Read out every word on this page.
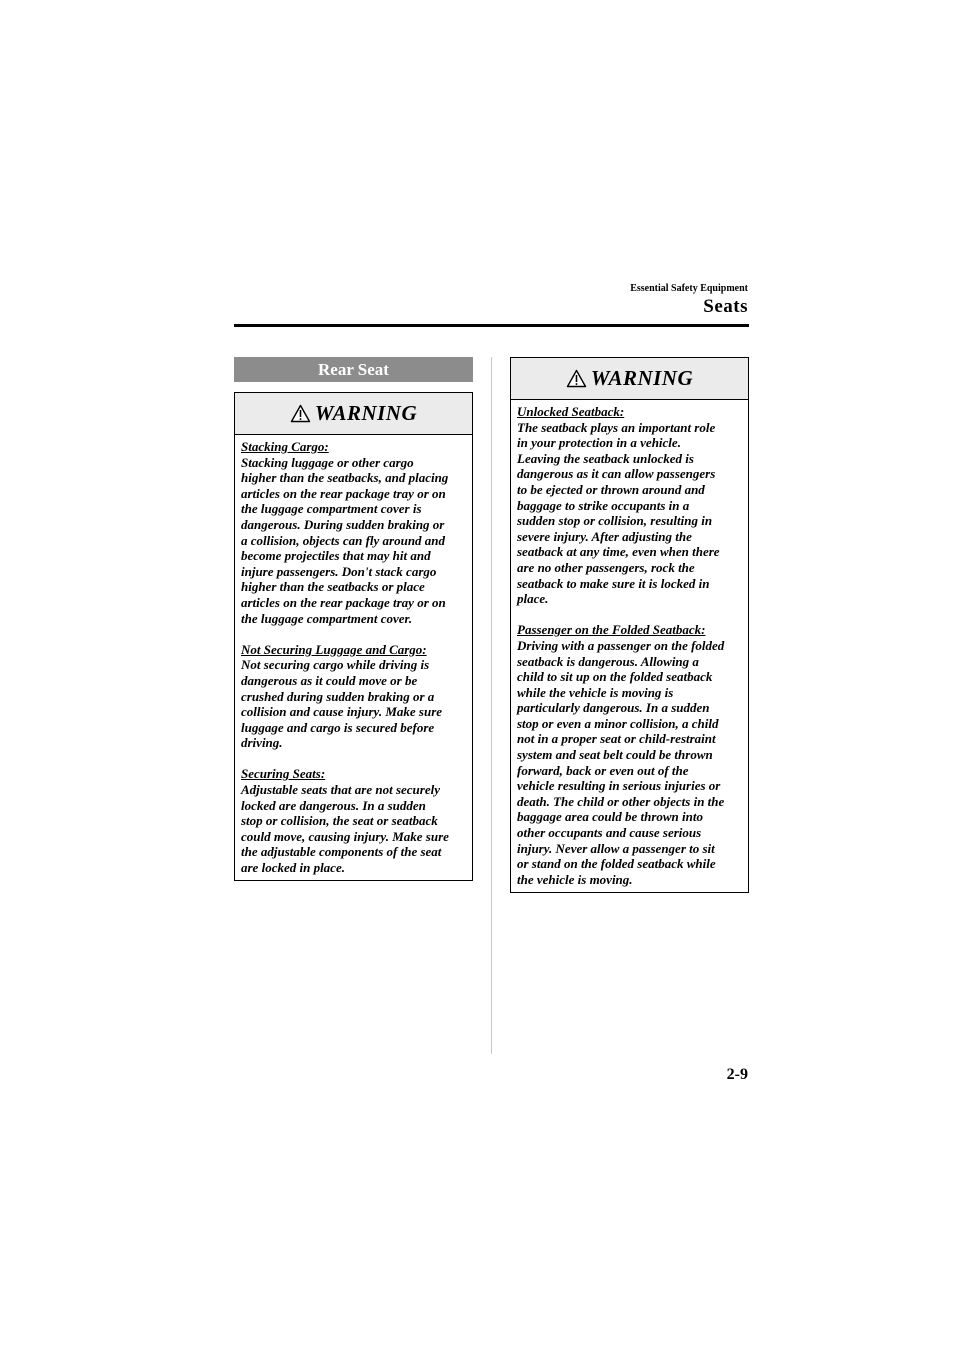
Essential Safety Equipment
Seats
Rear Seat
WARNING

Stacking Cargo:

Stacking luggage or other cargo

higher than the seatbacks, and placing

articles on the rear package tray or on

the luggage compartment cover is

dangerous. During sudden braking or

a collision, objects can fly around and

become projectiles that may hit and

injure passengers. Don't stack cargo

higher than the seatbacks or place

articles on the rear package tray or on

the luggage compartment cover.

Not Securing Luggage and Cargo:

Not securing cargo while driving is

dangerous as it could move or be

crushed during sudden braking or a

collision and cause injury. Make sure

luggage and cargo is secured before

driving.

Securing Seats:

Adjustable seats that are not securely

locked are dangerous. In a sudden

stop or collision, the seat or seatback

could move, causing injury. Make sure

the adjustable components of the seat

are locked in place.

WARNING

Unlocked Seatback:

The seatback plays an important role

in your protection in a vehicle.

Leaving the seatback unlocked is

dangerous as it can allow passengers

to be ejected or thrown around and

baggage to strike occupants in a

sudden stop or collision, resulting in

severe injury. After adjusting the

seatback at any time, even when there

are no other passengers, rock the

seatback to make sure it is locked in

place.

Passenger on the Folded Seatback:

Driving with a passenger on the folded

seatback is dangerous. Allowing a

child to sit up on the folded seatback

while the vehicle is moving is

particularly dangerous. In a sudden

stop or even a minor collision, a child

not in a proper seat or child-restraint

system and seat belt could be thrown

forward, back or even out of the

vehicle resulting in serious injuries or

death. The child or other objects in the

baggage area could be thrown into

other occupants and cause serious

injury. Never allow a passenger to sit

or stand on the folded seatback while

the vehicle is moving.

2-9
